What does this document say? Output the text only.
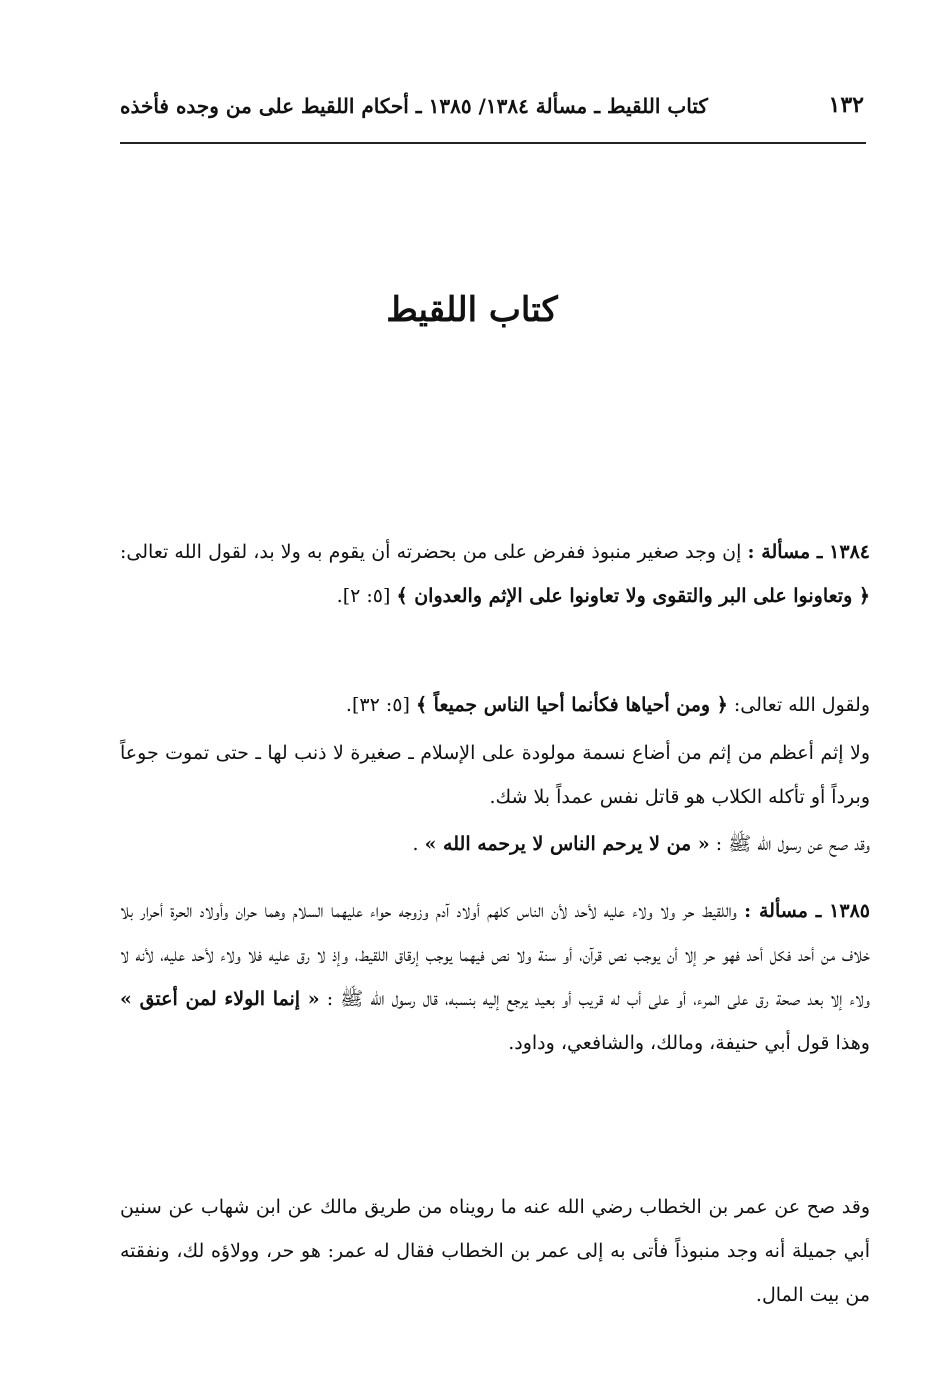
١٣٢
كتاب اللقيط ـ مسألة ١٣٨٤/ ١٣٨٥ ـ أحكام اللقيط على من وجده فأخذه
كتاب اللقيط

١٣٨٤ ـ مسألة : إن وجد صغير منبوذ ففرض على من بحضرته أن يقوم به ولا بد، لقول الله تعالى: ﴿ وتعاونوا على البر والتقوى ولا تعاونوا على الإثم والعدوان ﴾ [٥: ٢].

ولقول الله تعالى: ﴿ ومن أحياها فكأنما أحيا الناس جميعاً ﴾ [٥: ٣٢].

ولا إثم أعظم من إثم من أضاع نسمة مولودة على الإسلام ـ صغيرة لا ذنب لها ـ حتى تموت جوعاً وبرداً أو تأكله الكلاب هو قاتل نفس عمداً بلا شك.

وقد صح عن رسول الله ﷺ : « من لا يرحم الناس لا يرحمه الله » .

١٣٨٥ ـ مسألة : واللقيط حر ولا ولاء عليه لأحد لأن الناس كلهم أولاد آدم وزوجه حواء عليهما السلام وهما حران وأولاد الحرة أحرار بلا خلاف من أحد فكل أحد فهو حر إلا أن يوجب نص قرآن، أو سنة ولا نص فيهما يوجب إرقاق اللقيط، وإذ لا رق عليه فلا ولاء لأحد عليه، لأنه لا ولاء إلا بعد صحة رق على المرء، أو على أب له قريب أو بعيد يرجع إليه بنسبه، قال رسول الله ﷺ : « إنما الولاء لمن أعتق » وهذا قول أبي حنيفة، ومالك، والشافعي، وداود.

وقد صح عن عمر بن الخطاب رضي الله عنه ما رويناه من طريق مالك عن ابن شهاب عن سنين أبي جميلة أنه وجد منبوذاً فأتى به إلى عمر بن الخطاب فقال له عمر: هو حر، وولاؤه لك، ونفقته من بيت المال.
